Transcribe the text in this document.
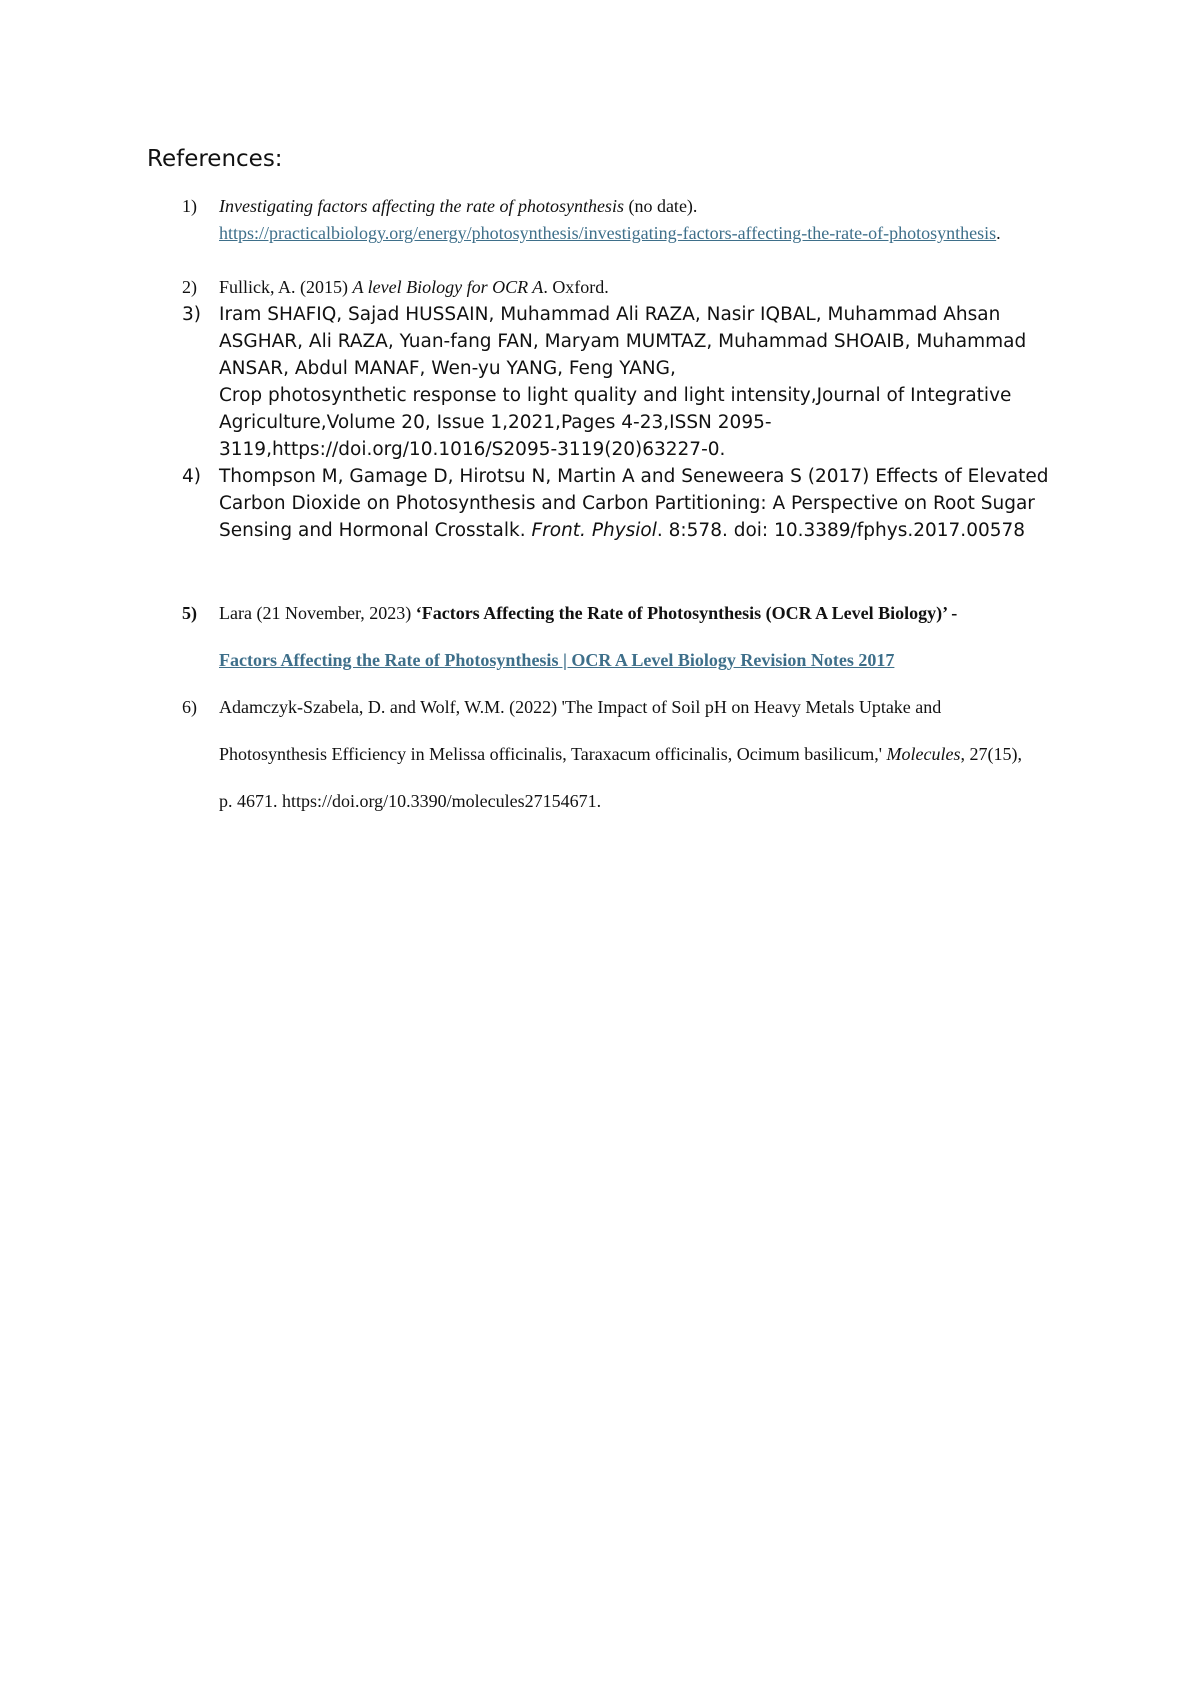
References:
1)	Investigating factors affecting the rate of photosynthesis (no date).
https://practicalbiology.org/energy/photosynthesis/investigating-factors-affecting-the-rate-of-photosynthesis.
2)	Fullick, A. (2015) A level Biology for OCR A. Oxford.
3) Iram SHAFIQ, Sajad HUSSAIN, Muhammad Ali RAZA, Nasir IQBAL, Muhammad Ahsan ASGHAR, Ali RAZA, Yuan-fang FAN, Maryam MUMTAZ, Muhammad SHOAIB, Muhammad ANSAR, Abdul MANAF, Wen-yu YANG, Feng YANG,
Crop photosynthetic response to light quality and light intensity,Journal of Integrative Agriculture,Volume 20, Issue 1,2021,Pages 4-23,ISSN 2095-3119,https://doi.org/10.1016/S2095-3119(20)63227-0.
4) Thompson M, Gamage D, Hirotsu N, Martin A and Seneweera S (2017) Effects of Elevated Carbon Dioxide on Photosynthesis and Carbon Partitioning: A Perspective on Root Sugar Sensing and Hormonal Crosstalk. Front. Physiol. 8:578. doi: 10.3389/fphys.2017.00578
5)	Lara (21 November, 2023) ‘Factors Affecting the Rate of Photosynthesis (OCR A Level Biology)’ -
Factors Affecting the Rate of Photosynthesis | OCR A Level Biology Revision Notes 2017
6)	Adamczyk-Szabela, D. and Wolf, W.M. (2022) 'The Impact of Soil pH on Heavy Metals Uptake and Photosynthesis Efficiency in Melissa officinalis, Taraxacum officinalis, Ocimum basilicum,' Molecules, 27(15), p. 4671. https://doi.org/10.3390/molecules27154671.
